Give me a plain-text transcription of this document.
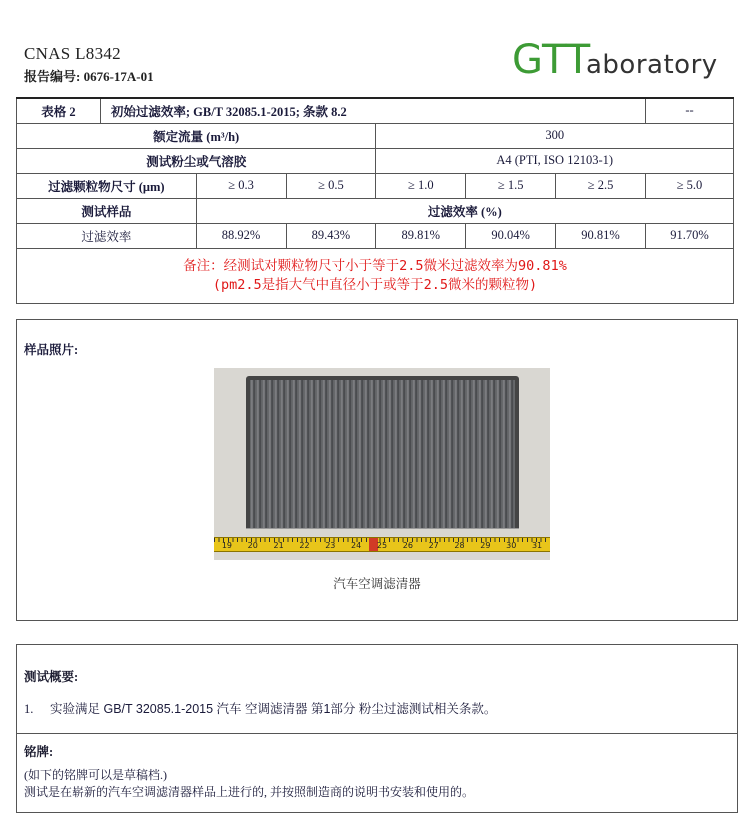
CNAS L8342
报告编号: 0676-17A-01	G TT
aboratory
表格 2	初始过滤效率; GB/T 32085.1-2015; 条款 8.2						--
额定流量 (m³/h)				300			
测试粉尘或气溶胶				A4 (PTI, ISO 12103-1)			
过滤颗粒物尺寸 (μm)		≥ 0.3	≥ 0.5	≥ 1.0	≥ 1.5	≥ 2.5	≥ 5.0
测试样品		过滤效率 (%)					
过滤效率		88.92%	89.43%	89.81%	90.04%	90.81%	91.70%

备注：经测试对颗粒物尺寸小于等于2.5微米过滤效率为90.81%
(pm2.5是指大气中直径小于或等于2.5微米的颗粒物)							
样品照片:
19 20 21 22 23 24 25 26 27 28 29 30 31
汽车空调滤清器
测试概要:
1. 实验满足 GB/T 32085.1-2015 汽车 空调滤清器 第1部分 粉尘过滤测试相关条款。
铭牌:
(如下的铭牌可以是草稿档.)
测试是在崭新的汽车空调滤清器样品上进行的, 并按照制造商的说明书安装和使用的。
